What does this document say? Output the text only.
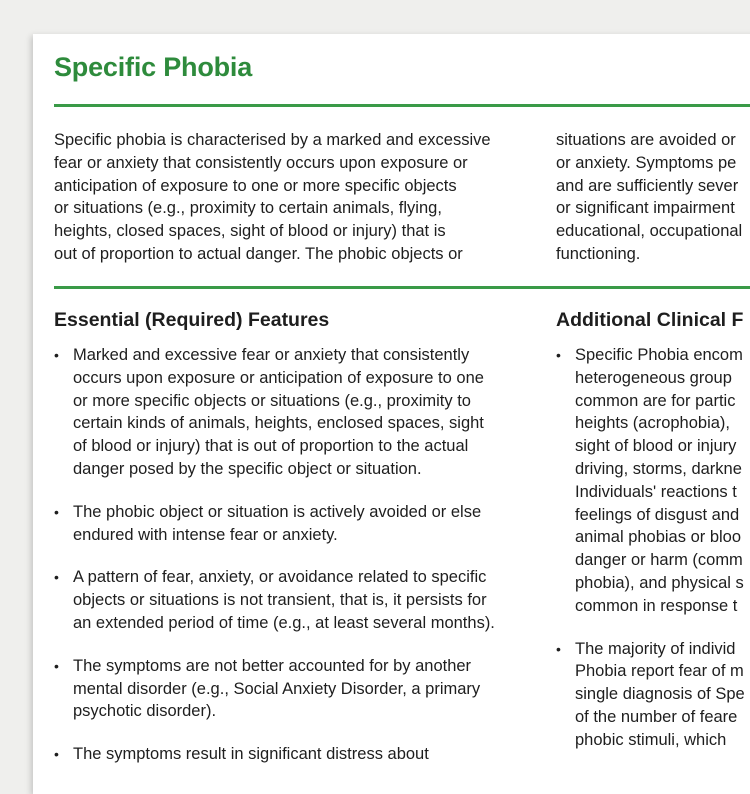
Specific Phobia
Specific phobia is characterised by a marked and excessive
fear or anxiety that consistently occurs upon exposure or
anticipation of exposure to one or more specific objects
or situations (e.g., proximity to certain animals, flying,
heights, closed spaces, sight of blood or injury) that is
out of proportion to actual danger. The phobic objects or
situations are avoided or
or anxiety. Symptoms pe
and are sufficiently sever
or significant impairment
educational, occupational
functioning.
Essential (Required) Features	Additional Clinical F
• Marked and excessive fear or anxiety that consistently
occurs upon exposure or anticipation of exposure to one
or more specific objects or situations (e.g., proximity to
certain kinds of animals, heights, enclosed spaces, sight
of blood or injury) that is out of proportion to the actual
danger posed by the specific object or situation.
• The phobic object or situation is actively avoided or else
endured with intense fear or anxiety.
• A pattern of fear, anxiety, or avoidance related to specific
objects or situations is not transient, that is, it persists for
an extended period of time (e.g., at least several months).
• The symptoms are not better accounted for by another
mental disorder (e.g., Social Anxiety Disorder, a primary
psychotic disorder).
• The symptoms result in significant distress about
• Specific Phobia encom
heterogeneous group
common are for partic
heights (acrophobia),
sight of blood or injury
driving, storms, darkne
Individuals' reactions t
feelings of disgust and
animal phobias or bloo
danger or harm (comm
phobia), and physical s
common in response t
• The majority of individ
Phobia report fear of m
single diagnosis of Spe
of the number of feare
phobic stimuli, which
